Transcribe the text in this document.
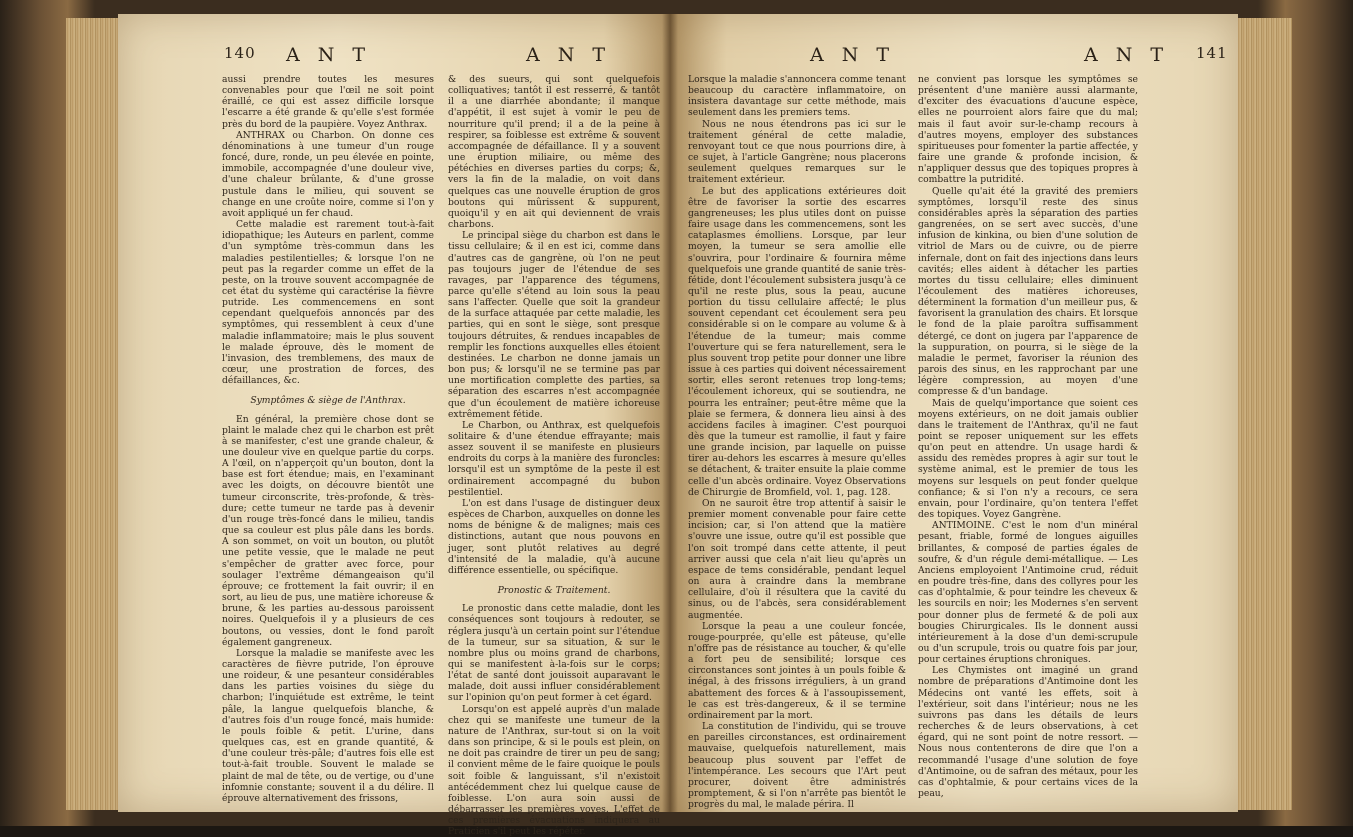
140 A N T	A N T

aussi prendre toutes les mesures convenables pour que l'œil ne soit point éraillé, ce qui est assez difficile lorsque l'escarre a été grande & qu'elle s'est formée près du bord de la paupière. Voyez Anthrax.

ANTHRAX ou Charbon. On donne ces dénominations à une tumeur d'un rouge foncé, dure, ronde, un peu élevée en pointe, immobile, accompagnée d'une douleur vive, d'une chaleur brûlante, & d'une grosse pustule dans le milieu, qui souvent se change en une croûte noire, comme si l'on y avoit appliqué un fer chaud.

Cette maladie est rarement tout-à-fait idiopathique; les Auteurs en parlent, comme d'un symptôme très-commun dans les maladies pestilentielles; & lorsque l'on ne peut pas la regarder comme un effet de la peste, on la trouve souvent accompagnée de cet état du système qui caractérise la fièvre putride. Les commencemens en sont cependant quelquefois annoncés par des symptômes, qui ressemblent à ceux d'une maladie inflammatoire; mais le plus souvent le malade éprouve, dès le moment de l'invasion, des tremblemens, des maux de cœur, une prostration de forces, des défaillances, &c.

Symptômes & siège de l'Anthrax.

En général, la première chose dont se plaint le malade chez qui le charbon est prêt à se manifester, c'est une grande chaleur, & une douleur vive en quelque partie du corps. A l'œil, on n'apperçoit qu'un bouton, dont la base est fort étendue; mais, en l'examinant avec les doigts, on découvre bientôt une tumeur circonscrite, très-profonde, & très-dure; cette tumeur ne tarde pas à devenir d'un rouge très-foncé dans le milieu, tandis que sa couleur est plus pâle dans les bords. A son sommet, on voit un bouton, ou plutôt une petite vessie, que le malade ne peut s'empêcher de gratter avec force, pour soulager l'extrême démangeaison qu'il éprouve; ce frottement la fait ouvrir; il en sort, au lieu de pus, une matière ichoreuse & brune, & les parties au-dessous paroissent noires. Quelquefois il y a plusieurs de ces boutons, ou vessies, dont le fond paroît également gangreneux.

Lorsque la maladie se manifeste avec les caractères de fièvre putride, l'on éprouve une roideur, & une pesanteur considérables dans les parties voisines du siège du charbon; l'inquiétude est extrême, le teint pâle, la langue quelquefois blanche, & d'autres fois d'un rouge foncé, mais humide: le pouls foible & petit. L'urine, dans quelques cas, est en grande quantité, & d'une couleur très-pâle; d'autres fois elle est tout-à-fait trouble. Souvent le malade se plaint de mal de tête, ou de vertige, ou d'une infomnie constante; souvent il a du délire. Il éprouve alternativement des frissons,

& des sueurs, qui sont quelquefois colliquatives; tantôt il est resserré, & tantôt il a une diarrhée abondante; il manque d'appétit, il est sujet à vomir le peu de nourriture qu'il prend; il a de la peine à respirer, sa foiblesse est extrême & souvent accompagnée de défaillance. Il y a souvent une éruption miliaire, ou même des pétéchies en diverses parties du corps; &, vers la fin de la maladie, on voit dans quelques cas une nouvelle éruption de gros boutons qui mûrissent & suppurent, quoiqu'il y en ait qui deviennent de vrais charbons.

Le principal siège du charbon est dans le tissu cellulaire; & il en est ici, comme dans d'autres cas de gangrène, où l'on ne peut pas toujours juger de l'étendue de ses ravages, par l'apparence des tégumens, parce qu'elle s'étend au loin sous la peau sans l'affecter. Quelle que soit la grandeur de la surface attaquée par cette maladie, les parties, qui en sont le siège, sont presque toujours détruites, & rendues incapables de remplir les fonctions auxquelles elles étoient destinées. Le charbon ne donne jamais un bon pus; & lorsqu'il ne se termine pas par une mortification complette des parties, sa séparation des escarres n'est accompagnée que d'un écoulement de matière ichoreuse extrêmement fétide.

Le Charbon, ou Anthrax, est quelquefois solitaire & d'une étendue effrayante; mais assez souvent il se manifeste en plusieurs endroits du corps à la manière des furoncles: lorsqu'il est un symptôme de la peste il est ordinairement accompagné du bubon pestilentiel.

L'on est dans l'usage de distinguer deux espèces de Charbon, auxquelles on donne les noms de bénigne & de malignes; mais ces distinctions, autant que nous pouvons en juger, sont plutôt relatives au degré d'intensité de la maladie, qu'à aucune différence essentielle, ou spécifique.

Pronostic & Traitement.

Le pronostic dans cette maladie, dont les conséquences sont toujours à redouter, se réglera jusqu'à un certain point sur l'étendue de la tumeur, sur sa situation, & sur le nombre plus ou moins grand de charbons, qui se manifestent à-la-fois sur le corps; l'état de santé dont jouissoit auparavant le malade, doit aussi influer considérablement sur l'opinion qu'on peut former à cet égard.

Lorsqu'on est appelé auprès d'un malade chez qui se manifeste une tumeur de la nature de l'Anthrax, sur-tout si on la voit dans son principe, & si le pouls est plein, on ne doit pas craindre de tirer un peu de sang; il convient même de le faire quoique le pouls soit foible & languissant, s'il n'existoit antécédemment chez lui quelque cause de foiblesse. L'on aura soin aussi de débarrasser les premières voyes. L'effet de ces premières évacuations indiquera au Praticien s'il peut les répéter.

A N T	A N T 141

Lorsque la maladie s'annoncera comme tenant beaucoup du caractère inflammatoire, on insistera davantage sur cette méthode, mais seulement dans les premiers tems.

Nous ne nous étendrons pas ici sur le traitement général de cette maladie, renvoyant tout ce que nous pourrions dire, à ce sujet, à l'article Gangrène; nous placerons seulement quelques remarques sur le traitement extérieur.

Le but des applications extérieures doit être de favoriser la sortie des escarres gangreneuses; les plus utiles dont on puisse faire usage dans les commencemens, sont les cataplasmes émolliens. Lorsque, par leur moyen, la tumeur se sera amollie elle s'ouvrira, pour l'ordinaire & fournira même quelquefois une grande quantité de sanie très-fétide, dont l'écoulement subsistera jusqu'à ce qu'il ne reste plus, sous la peau, aucune portion du tissu cellulaire affecté; le plus souvent cependant cet écoulement sera peu considérable si on le compare au volume & à l'étendue de la tumeur; mais comme l'ouverture qui se fera naturellement, sera le plus souvent trop petite pour donner une libre issue à ces parties qui doivent nécessairement sortir, elles seront retenues trop long-tems; l'écoulement ichoreux, qui se soutiendra, ne pourra les entraîner; peut-être même que la plaie se fermera, & donnera lieu ainsi à des accidens faciles à imaginer. C'est pourquoi dès que la tumeur est ramollie, il faut y faire une grande incision, par laquelle on puisse tirer au-dehors les escarres à mesure qu'elles se détachent, & traiter ensuite la plaie comme celle d'un abcès ordinaire. Voyez Observations de Chirurgie de Bromfield, vol. 1, pag. 128.

On ne sauroit être trop attentif à saisir le premier moment convenable pour faire cette incision; car, si l'on attend que la matière s'ouvre une issue, outre qu'il est possible que l'on soit trompé dans cette attente, il peut arriver aussi que cela n'ait lieu qu'après un espace de tems considérable, pendant lequel on aura à craindre dans la membrane cellulaire, d'où il résultera que la cavité du sinus, ou de l'abcès, sera considérablement augmentée.

Lorsque la peau a une couleur foncée, rouge-pourprée, qu'elle est pâteuse, qu'elle n'offre pas de résistance au toucher, & qu'elle a fort peu de sensibilité; lorsque ces circonstances sont jointes à un pouls foible & inégal, à des frissons irréguliers, à un grand abattement des forces & à l'assoupissement, le cas est très-dangereux, & il se termine ordinairement par la mort.

La constitution de l'individu, qui se trouve en pareilles circonstances, est ordinairement mauvaise, quelquefois naturellement, mais beaucoup plus souvent par l'effet de l'intempérance. Les secours que l'Art peut procurer, doivent être administrés promptement, & si l'on n'arrête pas bientôt le progrès du mal, le malade périra. Il

ne convient pas lorsque les symptômes se présentent d'une manière aussi alarmante, d'exciter des évacuations d'aucune espèce, elles ne pourroient alors faire que du mal; mais il faut avoir sur-le-champ recours à d'autres moyens, employer des substances spiritueuses pour fomenter la partie affectée, y faire une grande & profonde incision, & n'appliquer dessus que des topiques propres à combattre la putridité.

Quelle qu'ait été la gravité des premiers symptômes, lorsqu'il reste des sinus considérables après la séparation des parties gangrenées, on se sert avec succès, d'une infusion de kinkina, ou bien d'une solution de vitriol de Mars ou de cuivre, ou de pierre infernale, dont on fait des injections dans leurs cavités; elles aident à détacher les parties mortes du tissu cellulaire; elles diminuent l'écoulement des matières ichoreuses, déterminent la formation d'un meilleur pus, & favorisent la granulation des chairs. Et lorsque le fond de la plaie paroîtra suffisamment détergé, ce dont on jugera par l'apparence de la suppuration, on pourra, si le siège de la maladie le permet, favoriser la réunion des parois des sinus, en les rapprochant par une légère compression, au moyen d'une compresse & d'un bandage.

Mais de quelqu'importance que soient ces moyens extérieurs, on ne doit jamais oublier dans le traitement de l'Anthrax, qu'il ne faut point se reposer uniquement sur les effets qu'on peut en attendre. Un usage hardi & assidu des remèdes propres à agir sur tout le système animal, est le premier de tous les moyens sur lesquels on peut fonder quelque confiance; & si l'on n'y a recours, ce sera envain, pour l'ordinaire, qu'on tentera l'effet des topiques. Voyez Gangrène.

ANTIMOINE. C'est le nom d'un minéral pesant, friable, formé de longues aiguilles brillantes, & composé de parties égales de soufre, & d'un régule demi-métallique. — Les Anciens employoient l'Antimoine crud, réduit en poudre très-fine, dans des collyres pour les cas d'ophtalmie, & pour teindre les cheveux & les sourcils en noir; les Modernes s'en servent pour donner plus de fermeté & de poli aux bougies Chirurgicales. Ils le donnent aussi intérieurement à la dose d'un demi-scrupule ou d'un scrupule, trois ou quatre fois par jour, pour certaines éruptions chroniques.

Les Chymistes ont imaginé un grand nombre de préparations d'Antimoine dont les Médecins ont vanté les effets, soit à l'extérieur, soit dans l'intérieur; nous ne les suivrons pas dans les détails de leurs recherches & de leurs observations, à cet égard, qui ne sont point de notre ressort. — Nous nous contenterons de dire que l'on a recommandé l'usage d'une solution de foye d'Antimoine, ou de safran des métaux, pour les cas d'ophtalmie, & pour certains vices de la peau,
